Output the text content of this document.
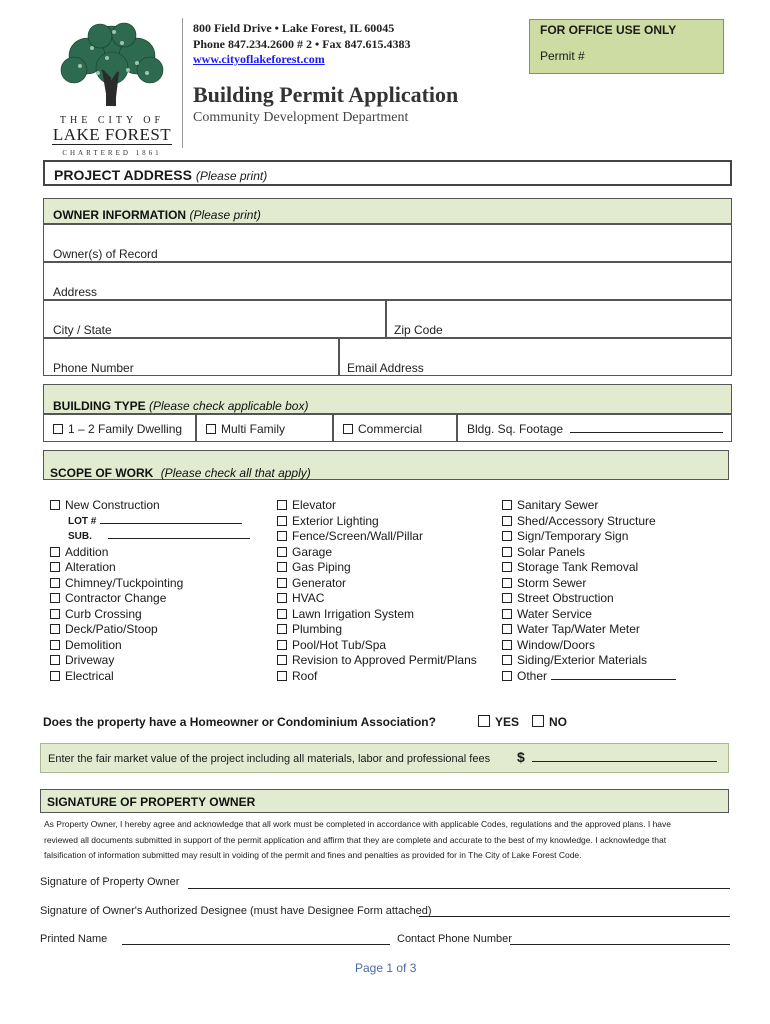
THE CITY OF
LAKE FOREST
CHARTERED 1861
800 Field Drive • Lake Forest, IL 60045
Phone 847.234.2600 # 2 • Fax 847.615.4383
www.cityoflakeforest.com
Building Permit Application
Community Development Department
FOR OFFICE USE ONLY
Permit #
PROJECT ADDRESS (Please print)
OWNER INFORMATION (Please print)
Owner(s) of Record
Address
City / State	Zip Code
Phone Number	Email Address
BUILDING TYPE (Please check applicable box)
1 – 2 Family Dwelling	Multi Family	Commercial	Bldg. Sq. Footage
SCOPE OF WORK (Please check all that apply)
New Construction
LOT #
SUB.
Addition
Alteration
Chimney/Tuckpointing
Contractor Change
Curb Crossing
Deck/Patio/Stoop
Demolition
Driveway
Electrical
Elevator
Exterior Lighting
Fence/Screen/Wall/Pillar
Garage
Gas Piping
Generator
HVAC
Lawn Irrigation System
Plumbing
Pool/Hot Tub/Spa
Revision to Approved Permit/Plans
Roof
Sanitary Sewer
Shed/Accessory Structure
Sign/Temporary Sign
Solar Panels
Storage Tank Removal
Storm Sewer
Street Obstruction
Water Service
Water Tap/Water Meter
Window/Doors
Siding/Exterior Materials
Other
Does the property have a Homeowner or Condominium Association?	YES	NO
Enter the fair market value of the project including all materials, labor and professional fees $
SIGNATURE OF PROPERTY OWNER
As Property Owner, I hereby agree and acknowledge that all work must be completed in accordance with applicable Codes, regulations and the approved plans. I have reviewed all documents submitted in support of the permit application and affirm that they are complete and accurate to the best of my knowledge. I acknowledge that falsification of information submitted may result in voiding of the permit and fines and penalties as provided for in The City of Lake Forest Code.
Signature of Property Owner
Signature of Owner's Authorized Designee (must have Designee Form attached)
Printed Name	Contact Phone Number
Page 1 of 3
